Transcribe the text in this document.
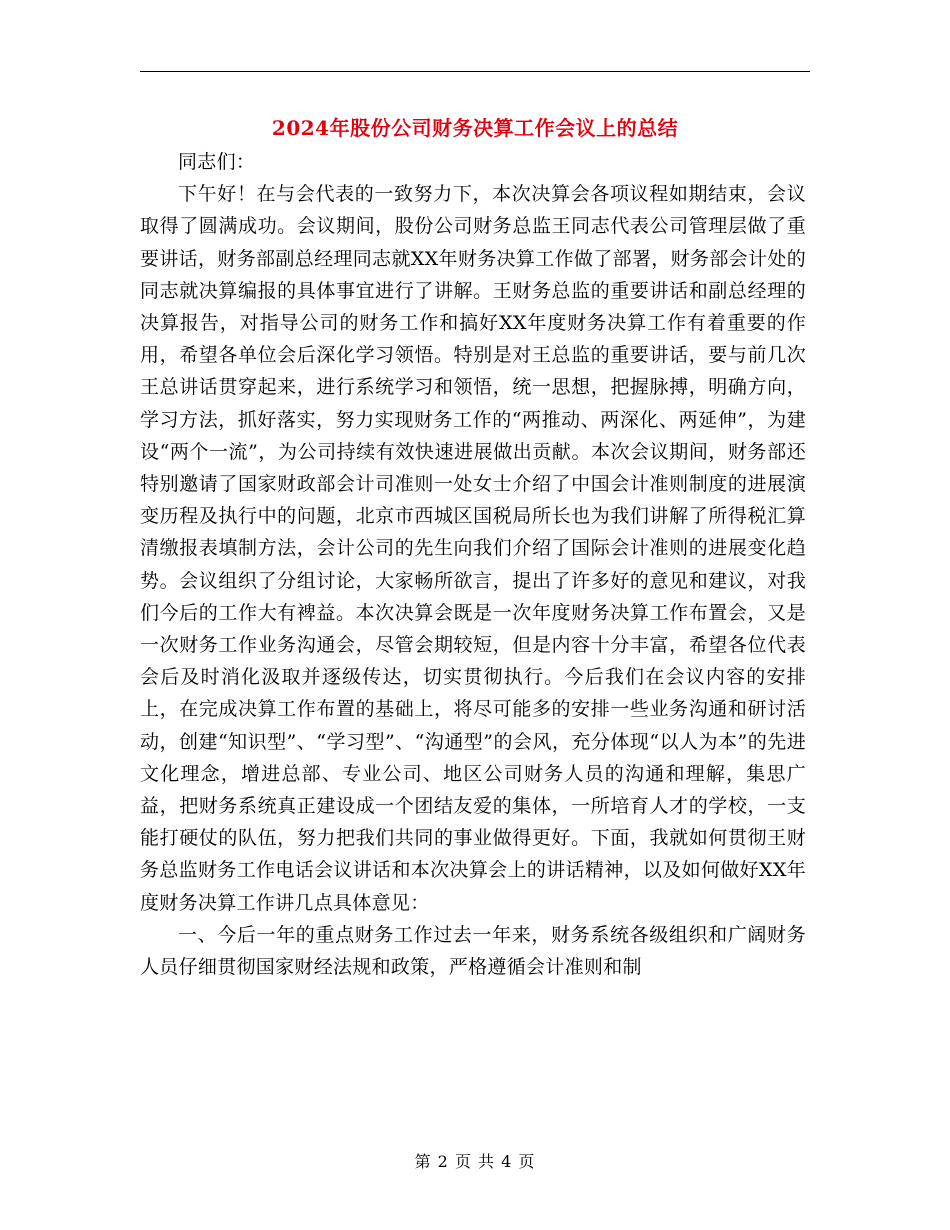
2024年股份公司财务决算工作会议上的总结

同志们：

下午好！在与会代表的一致努力下，本次决算会各项议程如期结束，会议取得了圆满成功。会议期间，股份公司财务总监王同志代表公司管理层做了重要讲话，财务部副总经理同志就XX年财务决算工作做了部署，财务部会计处的同志就决算编报的具体事宜进行了讲解。王财务总监的重要讲话和副总经理的决算报告，对指导公司的财务工作和搞好XX年度财务决算工作有着重要的作用，希望各单位会后深化学习领悟。特别是对王总监的重要讲话，要与前几次王总讲话贯穿起来，进行系统学习和领悟，统一思想，把握脉搏，明确方向，学习方法，抓好落实，努力实现财务工作的“两推动、两深化、两延伸”，为建设“两个一流”，为公司持续有效快速进展做出贡献。本次会议期间，财务部还特别邀请了国家财政部会计司准则一处女士介绍了中国会计准则制度的进展演变历程及执行中的问题，北京市西城区国税局所长也为我们讲解了所得税汇算清缴报表填制方法，会计公司的先生向我们介绍了国际会计准则的进展变化趋势。会议组织了分组讨论，大家畅所欲言，提出了许多好的意见和建议，对我们今后的工作大有裨益。本次决算会既是一次年度财务决算工作布置会，又是一次财务工作业务沟通会，尽管会期较短，但是内容十分丰富，希望各位代表会后及时消化汲取并逐级传达，切实贯彻执行。今后我们在会议内容的安排上，在完成决算工作布置的基础上，将尽可能多的安排一些业务沟通和研讨活动，创建“知识型”、“学习型”、“沟通型”的会风，充分体现“以人为本”的先进文化理念，增进总部、专业公司、地区公司财务人员的沟通和理解，集思广益，把财务系统真正建设成一个团结友爱的集体，一所培育人才的学校，一支能打硬仗的队伍，努力把我们共同的事业做得更好。下面，我就如何贯彻王财务总监财务工作电话会议讲话和本次决算会上的讲话精神，以及如何做好XX年度财务决算工作讲几点具体意见：

一、今后一年的重点财务工作过去一年来，财务系统各级组织和广阔财务人员仔细贯彻国家财经法规和政策，严格遵循会计准则和制

第 2 页 共 4 页
